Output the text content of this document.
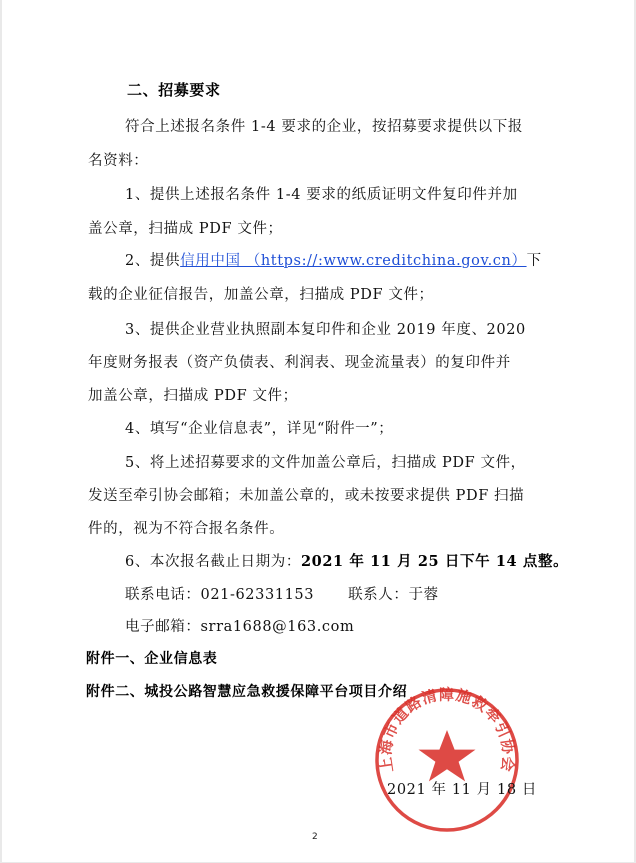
二、招募要求
符合上述报名条件 1-4 要求的企业，按招募要求提供以下报
名资料：
1、提供上述报名条件 1-4 要求的纸质证明文件复印件并加
盖公章，扫描成 PDF 文件；
2、提供信用中国 （https://:www.creditchina.gov.cn）下
载的企业征信报告，加盖公章，扫描成 PDF 文件；
3、提供企业营业执照副本复印件和企业 2019 年度、2020
年度财务报表（资产负债表、利润表、现金流量表）的复印件并
加盖公章，扫描成 PDF 文件；
4、填写“企业信息表”，详见“附件一”；
5、将上述招募要求的文件加盖公章后，扫描成 PDF 文件，
发送至牵引协会邮箱；未加盖公章的，或未按要求提供 PDF 扫描
件的，视为不符合报名条件。
6、本次报名截止日期为：2021 年 11 月 25 日下午 14 点整。
联系电话：021-62331153 联系人：于蓉
电子邮箱：srra1688@163.com
附件一、企业信息表
附件二、城投公路智慧应急救援保障平台项目介绍
上海市道路清障施救牵引协会
2021 年 11 月 18 日
2
